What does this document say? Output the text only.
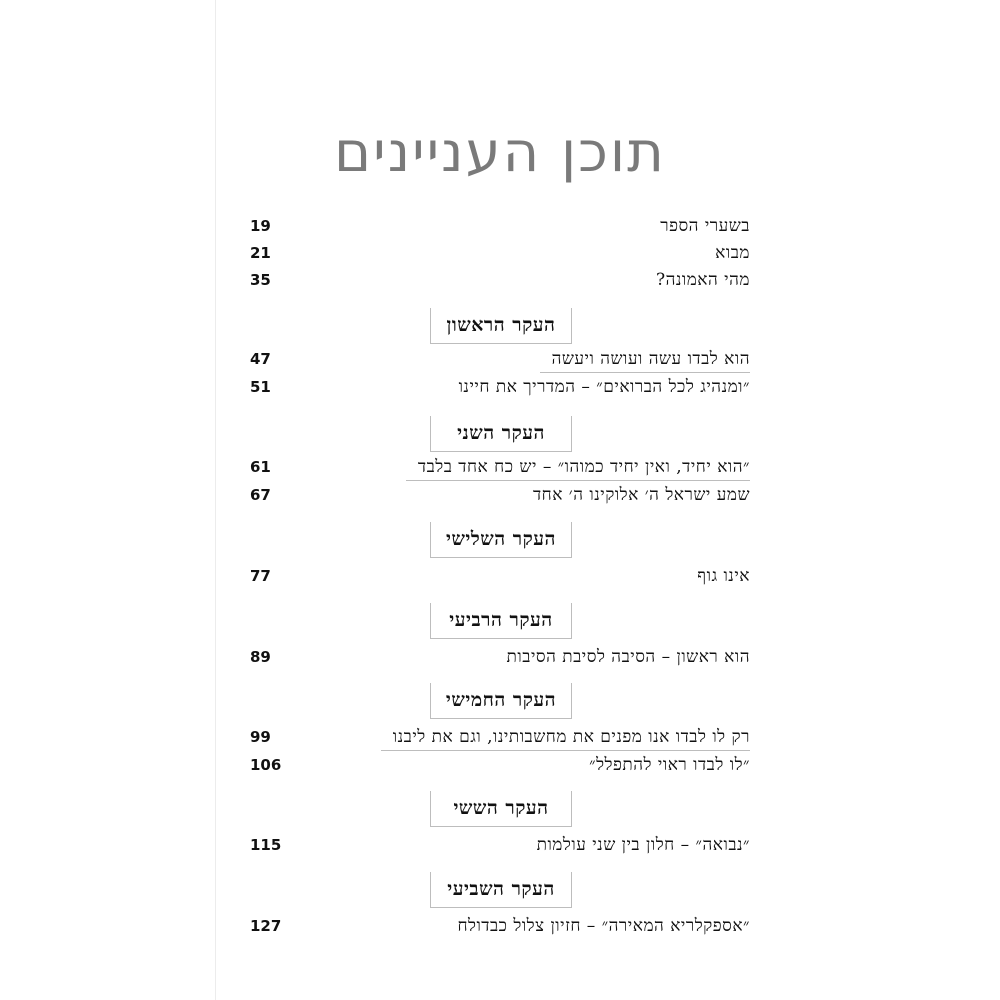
תוכן העניינים
19	בשערי הספר
21	מבוא
35	מהי האמונה?
העקר הראשון
47	הוא לבדו עשה ועושה ויעשה
51	״ומנהיג לכל הברואים״ – המדריך את חיינו
העקר השני
61	״הוא יחיד, ואין יחיד כמוהו״ – יש כח אחד בלבד
67	שמע ישראל ה׳ אלוקינו ה׳ אחד
העקר השלישי
77	אינו גוף
העקר הרביעי
89	הוא ראשון – הסיבה לסיבת הסיבות
העקר החמישי
99	רק לו לבדו אנו מפנים את מחשבותינו, וגם את ליבנו
106	״לו לבדו ראוי להתפלל״
העקר הששי
115	״נבואה״ – חלון בין שני עולמות
העקר השביעי
127	״אספקלריא המאירה״ – חזיון צלול כבדולח
